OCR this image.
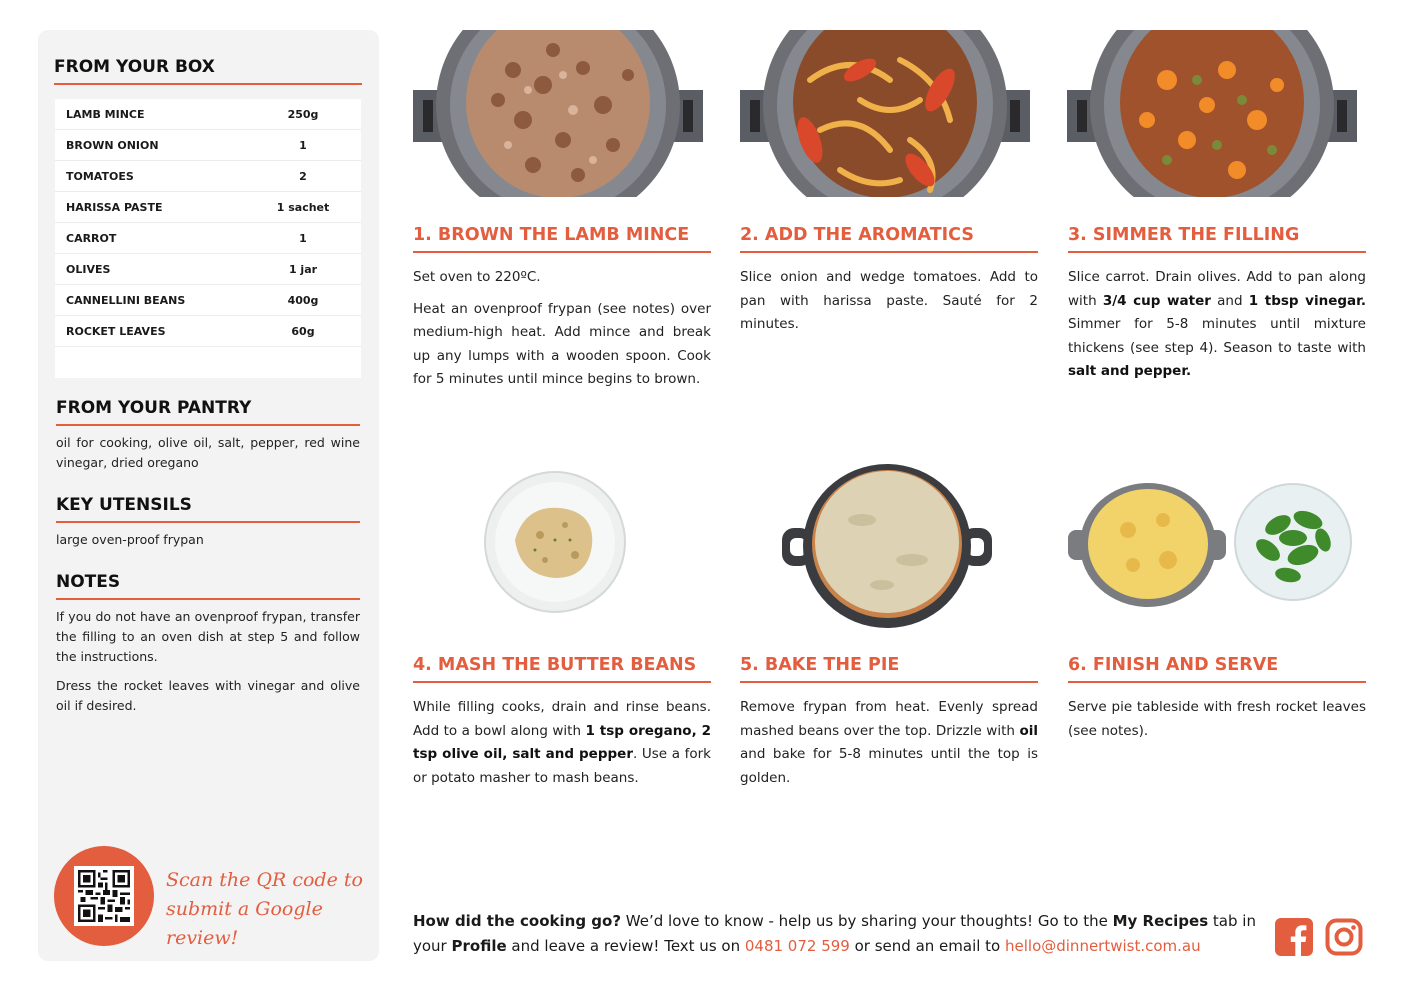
FROM YOUR BOX
LAMB MINCE	250g
BROWN ONION	1
TOMATOES	2
HARISSA PASTE	1 sachet
CARROT	1
OLIVES	1 jar
CANNELLINI BEANS	400g
ROCKET LEAVES	60g
FROM YOUR PANTRY
oil for cooking, olive oil, salt, pepper, red wine vinegar, dried oregano
KEY UTENSILS
large oven-proof frypan
NOTES

If you do not have an ovenproof frypan, transfer the filling to an oven dish at step 5 and follow the instructions.

Dress the rocket leaves with vinegar and olive oil if desired.

Scan the QR code to
submit a Google review!
1. BROWN THE LAMB MINCE

Set oven to 220ºC.

Heat an ovenproof frypan (see notes) over medium-high heat. Add mince and break up any lumps with a wooden spoon. Cook for 5 minutes until mince begins to brown.

2. ADD THE AROMATICS

Slice onion and wedge tomatoes. Add to pan with harissa paste. Sauté for 2 minutes.

3. SIMMER THE FILLING

Slice carrot. Drain olives. Add to pan along with 3/4 cup water and 1 tbsp vinegar. Simmer for 5-8 minutes until mixture thickens (see step 4). Season to taste with salt and pepper.

4. MASH THE BUTTER BEANS

While filling cooks, drain and rinse beans. Add to a bowl along with 1 tsp oregano, 2 tsp olive oil, salt and pepper. Use a fork or potato masher to mash beans.

5. BAKE THE PIE

Remove frypan from heat. Evenly spread mashed beans over the top. Drizzle with oil and bake for 5-8 minutes until the top is golden.

6. FINISH AND SERVE

Serve pie tableside with fresh rocket leaves (see notes).

How did the cooking go? We’d love to know - help us by sharing your thoughts! Go to the My Recipes tab in your Profile and leave a review! Text us on 0481 072 599 or send an email to hello@dinnertwist.com.au
